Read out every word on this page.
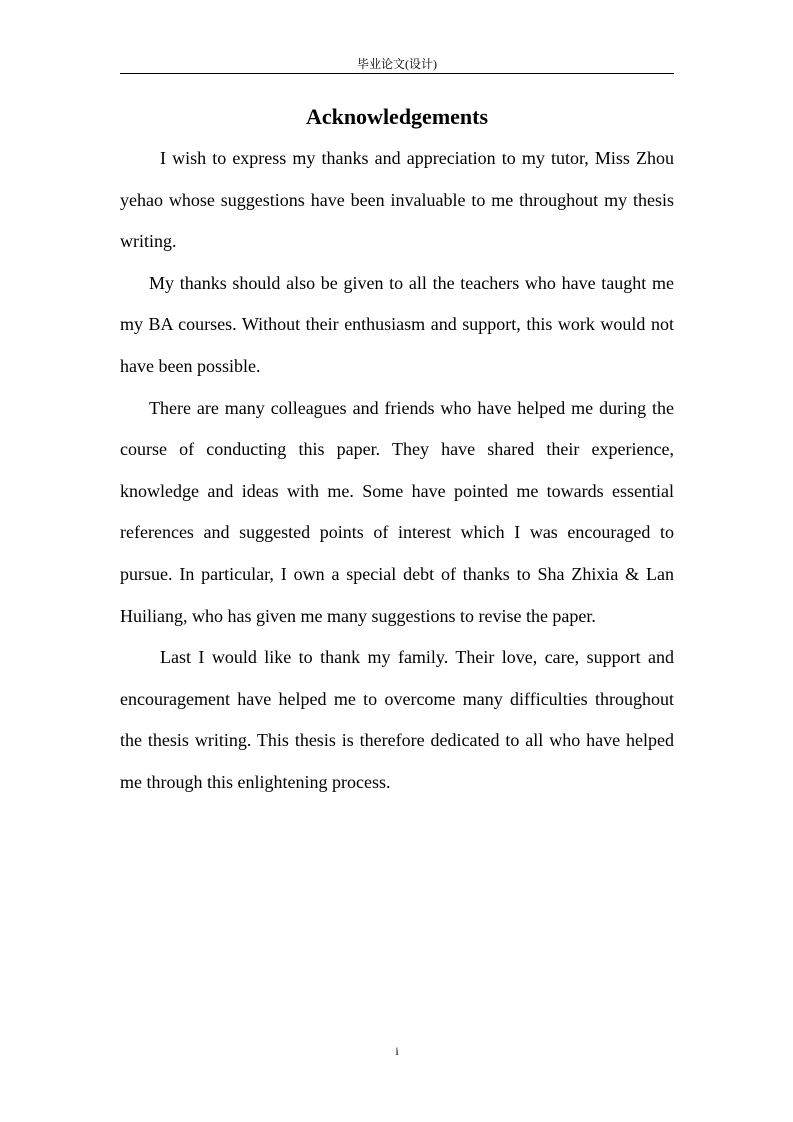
毕业论文(设计)
Acknowledgements

I wish to express my thanks and appreciation to my tutor, Miss Zhou yehao whose suggestions have been invaluable to me throughout my thesis writing.

My thanks should also be given to all the teachers who have taught me my BA courses. Without their enthusiasm and support, this work would not have been possible.

There are many colleagues and friends who have helped me during the course of conducting this paper. They have shared their experience, knowledge and ideas with me. Some have pointed me towards essential references and suggested points of interest which I was encouraged to pursue. In particular, I own a special debt of thanks to Sha Zhixia & Lan Huiliang, who has given me many suggestions to revise the paper.

Last I would like to thank my family. Their love, care, support and encouragement have helped me to overcome many difficulties throughout the thesis writing. This thesis is therefore dedicated to all who have helped me through this enlightening process.

i
